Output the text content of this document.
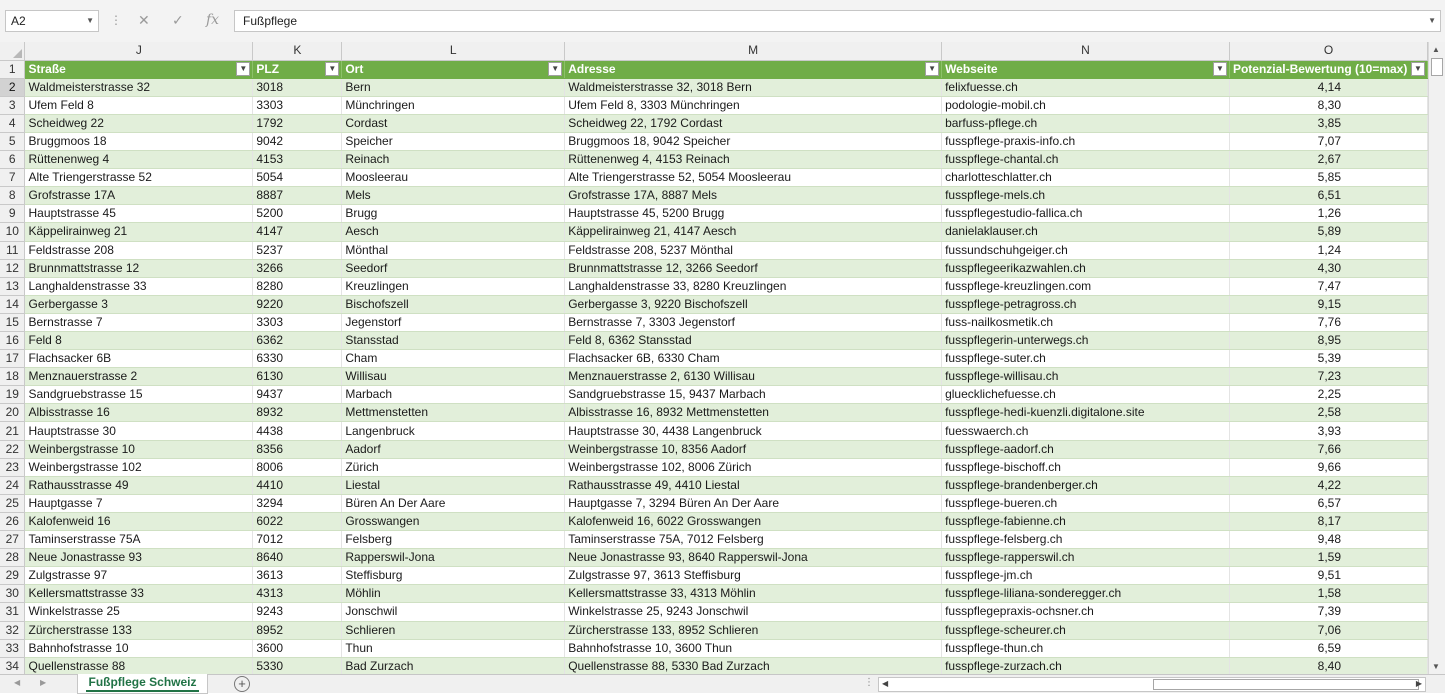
A2	▼ ⋮ ✕ ✓ fx	Fußpflege	▼
	J	K	L	M	N	O
1	Straße ▼	PLZ ▼	Ort ▼	Adresse ▼	Webseite ▼	Potenzial-Bewertung (10=max) ▼

2	Waldmeisterstrasse 32	3018	Bern	Waldmeisterstrasse 32, 3018 Bern	felixfuesse.ch	4,14
3	Ufem Feld 8	3303	Münchringen	Ufem Feld 8, 3303 Münchringen	podologie-mobil.ch	8,30
4	Scheidweg 22	1792	Cordast	Scheidweg 22, 1792 Cordast	barfuss-pflege.ch	3,85
5	Bruggmoos 18	9042	Speicher	Bruggmoos 18, 9042 Speicher	fusspflege-praxis-info.ch	7,07
6	Rüttenenweg 4	4153	Reinach	Rüttenenweg 4, 4153 Reinach	fusspflege-chantal.ch	2,67
7	Alte Triengerstrasse 52	5054	Moosleerau	Alte Triengerstrasse 52, 5054 Moosleerau	charlotteschlatter.ch	5,85
8	Grofstrasse 17A	8887	Mels	Grofstrasse 17A, 8887 Mels	fusspflege-mels.ch	6,51
9	Hauptstrasse 45	5200	Brugg	Hauptstrasse 45, 5200 Brugg	fusspflegestudio-fallica.ch	1,26
10	Käppelirainweg 21	4147	Aesch	Käppelirainweg 21, 4147 Aesch	danielaklauser.ch	5,89
11	Feldstrasse 208	5237	Mönthal	Feldstrasse 208, 5237 Mönthal	fussundschuhgeiger.ch	1,24
12	Brunnmattstrasse 12	3266	Seedorf	Brunnmattstrasse 12, 3266 Seedorf	fusspflegeerikazwahlen.ch	4,30
13	Langhaldenstrasse 33	8280	Kreuzlingen	Langhaldenstrasse 33, 8280 Kreuzlingen	fusspflege-kreuzlingen.com	7,47
14	Gerbergasse 3	9220	Bischofszell	Gerbergasse 3, 9220 Bischofszell	fusspflege-petragross.ch	9,15
15	Bernstrasse 7	3303	Jegenstorf	Bernstrasse 7, 3303 Jegenstorf	fuss-nailkosmetik.ch	7,76
16	Feld 8	6362	Stansstad	Feld 8, 6362 Stansstad	fusspflegerin-unterwegs.ch	8,95
17	Flachsacker 6B	6330	Cham	Flachsacker 6B, 6330 Cham	fusspflege-suter.ch	5,39
18	Menznauerstrasse 2	6130	Willisau	Menznauerstrasse 2, 6130 Willisau	fusspflege-willisau.ch	7,23
19	Sandgruebstrasse 15	9437	Marbach	Sandgruebstrasse 15, 9437 Marbach	gluecklichefuesse.ch	2,25
20	Albisstrasse 16	8932	Mettmenstetten	Albisstrasse 16, 8932 Mettmenstetten	fusspflege-hedi-kuenzli.digitalone.site	2,58
21	Hauptstrasse 30	4438	Langenbruck	Hauptstrasse 30, 4438 Langenbruck	fuesswaerch.ch	3,93
22	Weinbergstrasse 10	8356	Aadorf	Weinbergstrasse 10, 8356 Aadorf	fusspflege-aadorf.ch	7,66
23	Weinbergstrasse 102	8006	Zürich	Weinbergstrasse 102, 8006 Zürich	fusspflege-bischoff.ch	9,66
24	Rathausstrasse 49	4410	Liestal	Rathausstrasse 49, 4410 Liestal	fusspflege-brandenberger.ch	4,22
25	Hauptgasse 7	3294	Büren An Der Aare	Hauptgasse 7, 3294 Büren An Der Aare	fusspflege-bueren.ch	6,57
26	Kalofenweid 16	6022	Grosswangen	Kalofenweid 16, 6022 Grosswangen	fusspflege-fabienne.ch	8,17
27	Taminserstrasse 75A	7012	Felsberg	Taminserstrasse 75A, 7012 Felsberg	fusspflege-felsberg.ch	9,48
28	Neue Jonastrasse 93	8640	Rapperswil-Jona	Neue Jonastrasse 93, 8640 Rapperswil-Jona	fusspflege-rapperswil.ch	1,59
29	Zulgstrasse 97	3613	Steffisburg	Zulgstrasse 97, 3613 Steffisburg	fusspflege-jm.ch	9,51
30	Kellersmattstrasse 33	4313	Möhlin	Kellersmattstrasse 33, 4313 Möhlin	fusspflege-liliana-sonderegger.ch	1,58
31	Winkelstrasse 25	9243	Jonschwil	Winkelstrasse 25, 9243 Jonschwil	fusspflegepraxis-ochsner.ch	7,39
32	Zürcherstrasse 133	8952	Schlieren	Zürcherstrasse 133, 8952 Schlieren	fusspflege-scheurer.ch	7,06
33	Bahnhofstrasse 10	3600	Thun	Bahnhofstrasse 10, 3600 Thun	fusspflege-thun.ch	6,59
34	Quellenstrasse 88	5330	Bad Zurzach	Quellenstrasse 88, 5330 Bad Zurzach	fusspflege-zurzach.ch	8,40
▲
▼
◀ ▶	Fußpflege Schweiz	+	⋮ ◀	▶
